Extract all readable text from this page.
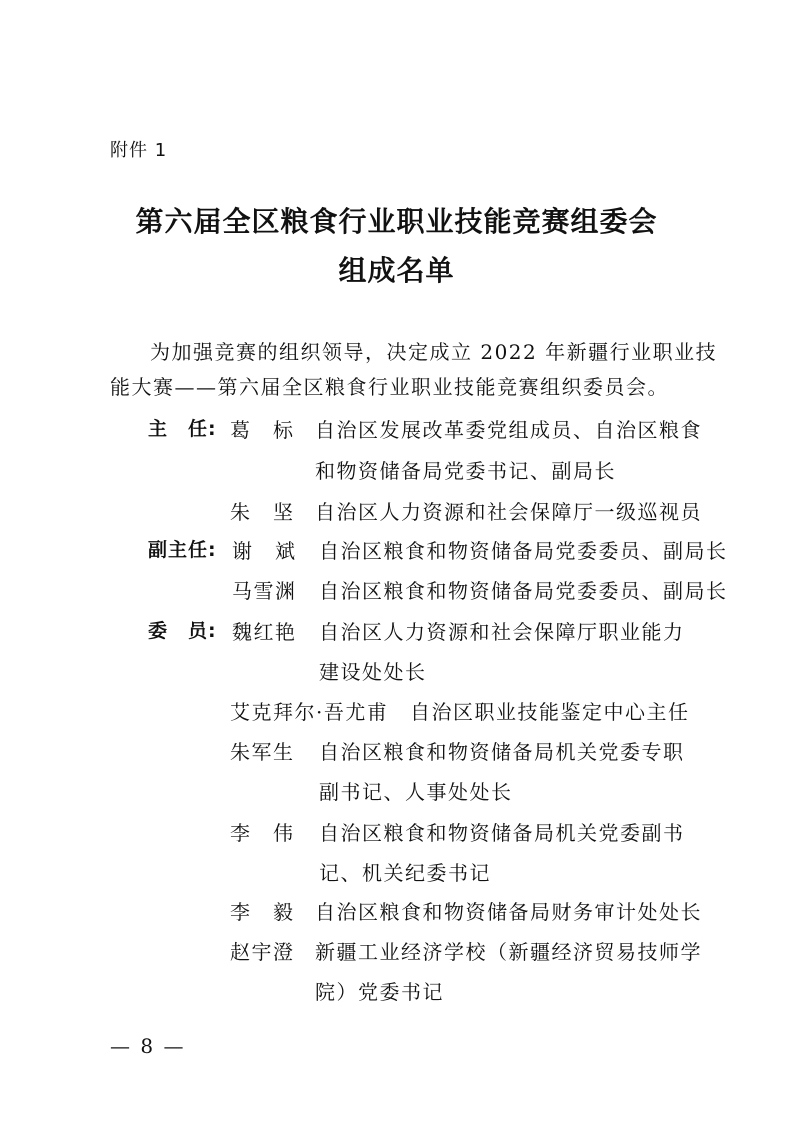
附件 1
第六届全区粮食行业职业技能竞赛组委会
组成名单
为加强竞赛的组织领导，决定成立 2022 年新疆行业职业技
能大赛——第六届全区粮食行业职业技能竞赛组织委员会。
主　任:
副主任:
委　员:
葛　标 自治区发展改革委党组成员、自治区粮食
和物资储备局党委书记、副局长
朱　坚 自治区人力资源和社会保障厅一级巡视员
谢　斌 自治区粮食和物资储备局党委委员、副局长
马雪渊 自治区粮食和物资储备局党委委员、副局长
魏红艳 自治区人力资源和社会保障厅职业能力
建设处处长
艾克拜尔·吾尤甫 自治区职业技能鉴定中心主任
朱军生 自治区粮食和物资储备局机关党委专职
副书记、人事处处长
李　伟 自治区粮食和物资储备局机关党委副书
记、机关纪委书记
李　毅 自治区粮食和物资储备局财务审计处处长
赵宇澄 新疆工业经济学校（新疆经济贸易技师学
院）党委书记
— 8 —
